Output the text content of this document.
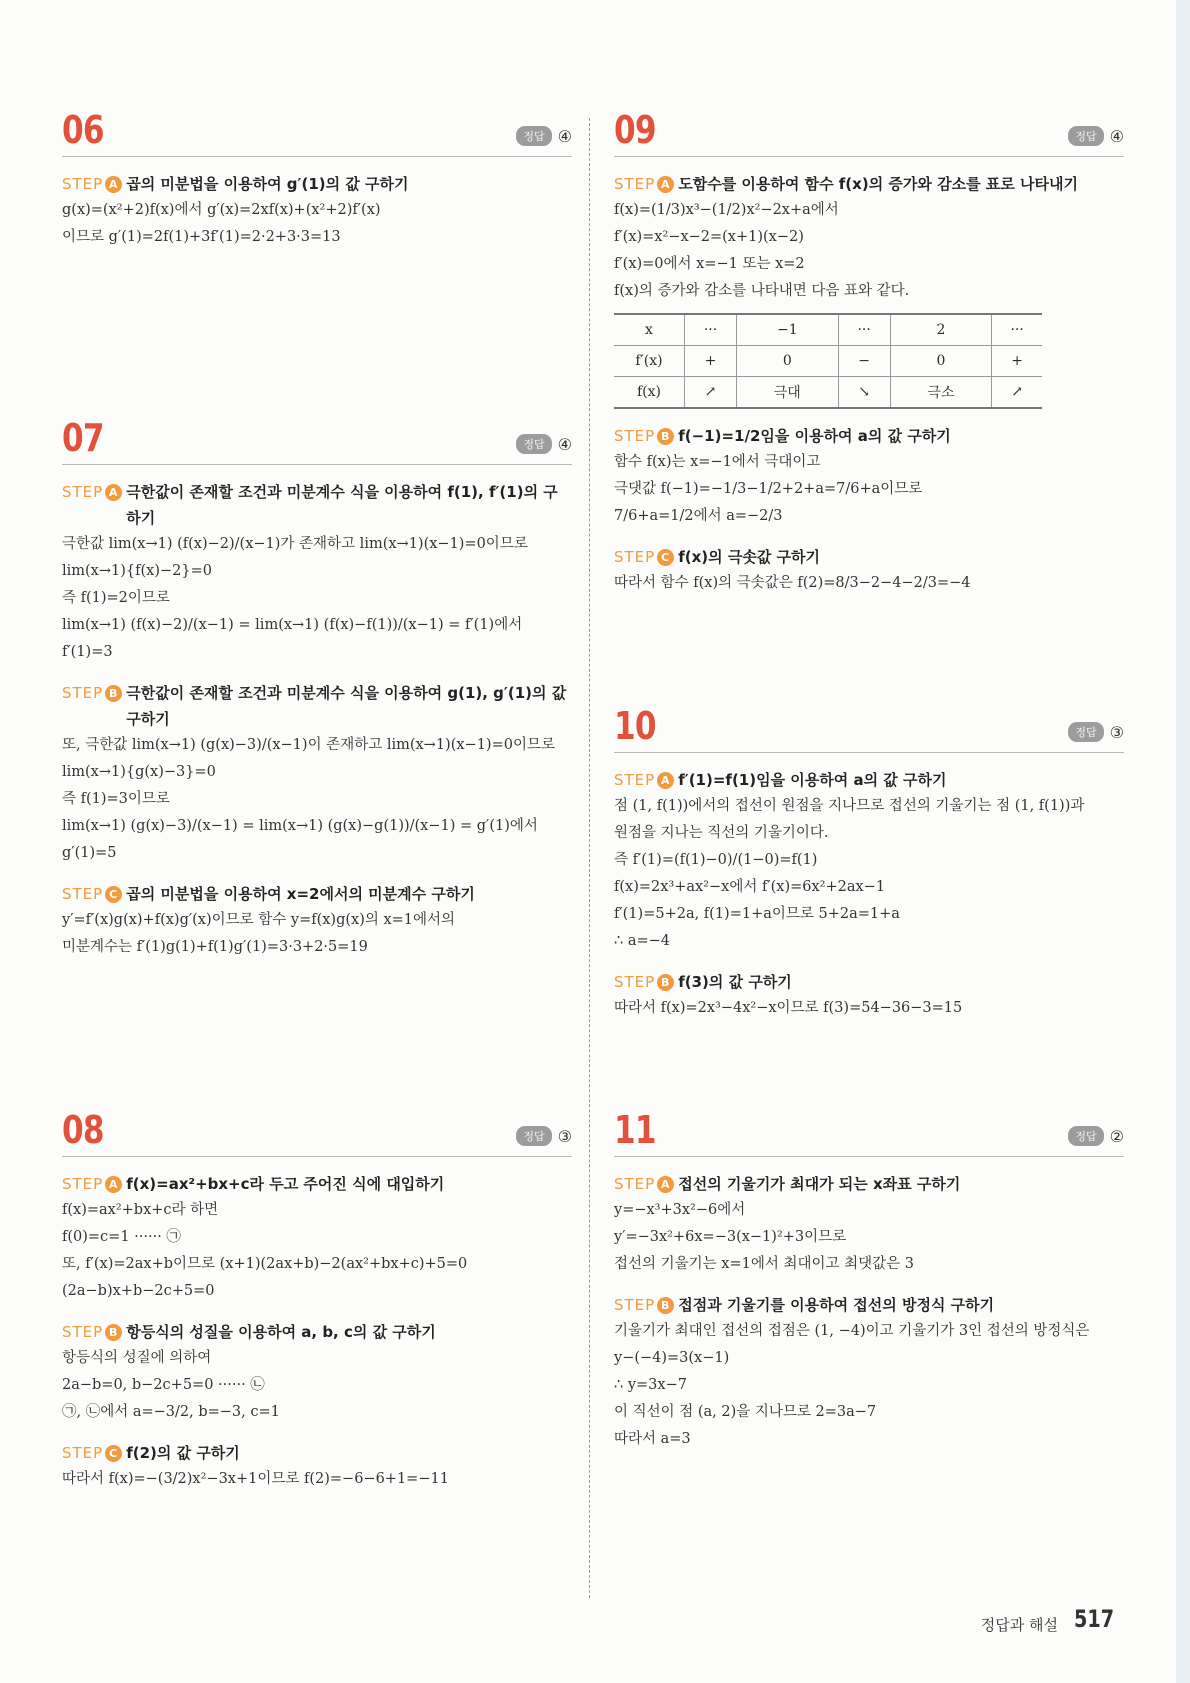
06	정답 ④
STEP A 곱의 미분법을 이용하여 g′(1)의 값 구하기
g(x)=(x²+2)f(x)에서 g′(x)=2xf(x)+(x²+2)f′(x)
이므로 g′(1)=2f(1)+3f′(1)=2·2+3·3=13
07	정답 ④
STEP A 극한값이 존재할 조건과 미분계수 식을 이용하여 f(1), f′(1)의 구하기
극한값 lim(x→1) (f(x)−2)/(x−1)가 존재하고 lim(x→1)(x−1)=0이므로
lim(x→1){f(x)−2}=0
즉 f(1)=2이므로
lim(x→1) (f(x)−2)/(x−1) = lim(x→1) (f(x)−f(1))/(x−1) = f′(1)에서 f′(1)=3
STEP B 극한값이 존재할 조건과 미분계수 식을 이용하여 g(1), g′(1)의 값 구하기
또, 극한값 lim(x→1) (g(x)−3)/(x−1)이 존재하고 lim(x→1)(x−1)=0이므로
lim(x→1){g(x)−3}=0
즉 f(1)=3이므로
lim(x→1) (g(x)−3)/(x−1) = lim(x→1) (g(x)−g(1))/(x−1) = g′(1)에서 g′(1)=5
STEP C 곱의 미분법을 이용하여 x=2에서의 미분계수 구하기
y′=f′(x)g(x)+f(x)g′(x)이므로 함수 y=f(x)g(x)의 x=1에서의
미분계수는 f′(1)g(1)+f(1)g′(1)=3·3+2·5=19
08	정답 ③
STEP A f(x)=ax²+bx+c라 두고 주어진 식에 대입하기
f(x)=ax²+bx+c라 하면
f(0)=c=1 ······ ㉠
또, f′(x)=2ax+b이므로 (x+1)(2ax+b)−2(ax²+bx+c)+5=0
(2a−b)x+b−2c+5=0
STEP B 항등식의 성질을 이용하여 a, b, c의 값 구하기
항등식의 성질에 의하여
2a−b=0, b−2c+5=0 ······ ㉡
㉠, ㉡에서 a=−3/2, b=−3, c=1
STEP C f(2)의 값 구하기
따라서 f(x)=−(3/2)x²−3x+1이므로 f(2)=−6−6+1=−11
09	정답 ④
STEP A 도함수를 이용하여 함수 f(x)의 증가와 감소를 표로 나타내기
f(x)=(1/3)x³−(1/2)x²−2x+a에서
f′(x)=x²−x−2=(x+1)(x−2)
f′(x)=0에서 x=−1 또는 x=2
f(x)의 증가와 감소를 나타내면 다음 표와 같다.
x	···	−1	···	2	···
f′(x)	+	0	−	0	+
f(x)	↗	극대	↘	극소	↗
STEP B f(−1)=1/2임을 이용하여 a의 값 구하기
함수 f(x)는 x=−1에서 극대이고
극댓값 f(−1)=−1/3−1/2+2+a=7/6+a이므로
7/6+a=1/2에서 a=−2/3
STEP C f(x)의 극솟값 구하기
따라서 함수 f(x)의 극솟값은 f(2)=8/3−2−4−2/3=−4
10	정답 ③
STEP A f′(1)=f(1)임을 이용하여 a의 값 구하기
점 (1, f(1))에서의 접선이 원점을 지나므로 접선의 기울기는 점 (1, f(1))과
원점을 지나는 직선의 기울기이다.
즉 f′(1)=(f(1)−0)/(1−0)=f(1)
f(x)=2x³+ax²−x에서 f′(x)=6x²+2ax−1
f′(1)=5+2a, f(1)=1+a이므로 5+2a=1+a
∴ a=−4
STEP B f(3)의 값 구하기
따라서 f(x)=2x³−4x²−x이므로 f(3)=54−36−3=15
11	정답 ②
STEP A 접선의 기울기가 최대가 되는 x좌표 구하기
y=−x³+3x²−6에서
y′=−3x²+6x=−3(x−1)²+3이므로
접선의 기울기는 x=1에서 최대이고 최댓값은 3
STEP B 접점과 기울기를 이용하여 접선의 방정식 구하기
기울기가 최대인 접선의 접점은 (1, −4)이고 기울기가 3인 접선의 방정식은
y−(−4)=3(x−1)
∴ y=3x−7
이 직선이 점 (a, 2)을 지나므로 2=3a−7
따라서 a=3
정답과 해설 517
